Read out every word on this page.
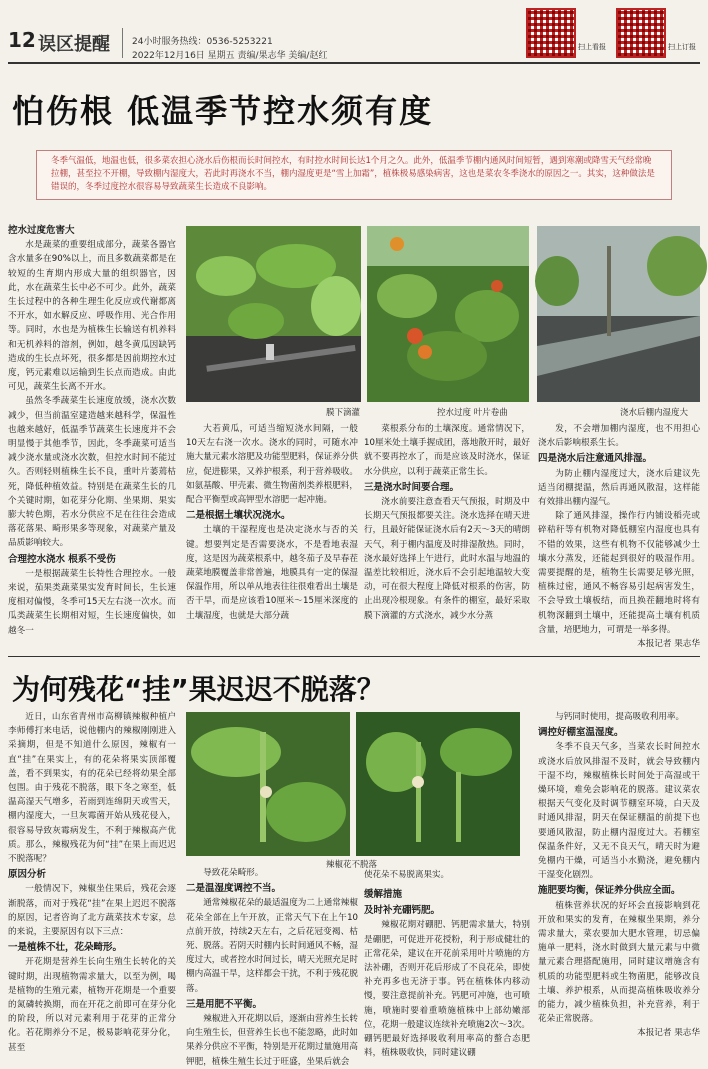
12 误区提醒 24小时服务热线：0536-5253221
2022年12月16日 星期五 责编/果志华 美编/赵红
扫上看报	扫上订报
怕伤根 低温季节控水须有度
冬季气温低，地温也低，很多菜农担心浇水后伤根而长时间控水，有时控水时间长达1个月之久。此外，低温季节棚内通风时间短暂，遇到寒潮或降雪天气经常晚拉棚，甚至拉不开棚，导致棚内湿度大，若此时再浇水不当，棚内湿度更是“雪上加霜”，植株极易感染病害，这也是菜农冬季浇水的原因之一。其实，这种做法是错误的，冬季过度控水很容易导致蔬菜生长造成不良影响。

控水过度危害大

水是蔬菜的重要组成部分，蔬菜各器官含水量多在90%以上，而且多数蔬菜都是在较短的生育期内形成大量的组织器官，因此，水在蔬菜生长中必不可少。此外，蔬菜生长过程中的各种生理生化反应或代谢都离不开水，如水解反应、呼吸作用、光合作用等。同时，水也是为植株生长输送有机养料和无机养料的溶剂，例如，越冬黄瓜因缺钙造成的生长点坏死，很多都是因前期控水过度，钙元素难以运输到生长点而造成。由此可见，蔬菜生长离不开水。

虽然冬季蔬菜生长速度放缓，浇水次数减少，但当前温室建造越来越科学，保温性也越来越好，低温季节蔬菜生长速度并不会明显慢于其他季节，因此，冬季蔬菜可适当减少浇水量或浇水次数，但控水时间不能过久。否则轻则植株生长不良，重叶片萎蔫枯死，降低种植效益。特别是在蔬菜生长的几个关键时期，如花芽分化期、坐果期、果实膨大转色期，若水分供应不足在往往会造成落花落果、畸形果多等现象，对蔬菜产量及品质影响较大。

合理控水浇水 根系不受伤

一是根据蔬菜生长特性合理控水。一般来说，茄果类蔬菜果实发育时间长，生长速度相对偏慢，冬季可15天左右浇一次水。而瓜类蔬菜生长期相对短，生长速度偏快，如越冬一

膜下滴灌	控水过度 叶片卷曲	浇水后棚内湿度大

大若黄瓜，可适当缩短浇水间隔，一般10天左右浇一次水。浇水的同时，可随水冲施大量元素水溶肥及功能型肥料，保证养分供应，促进膨果，又养护根系，利于营养吸收。如氨基酸、甲壳素、微生物菌剂类养根肥料，配合平衡型或高钾型水溶肥一起冲施。

二是根据土壤状况浇水。

土壤的干湿程度也是决定浇水与否的关键。想要判定是否需要浇水，不是看地表湿度，这是因为蔬菜根系中，越冬茄子及早春茬蔬菜地膜覆盖非常普遍，地膜具有一定的保湿保温作用，所以单从地表往往很难看出土壤是否干旱，而是应该看10厘米～15厘米深度的土壤湿度，也就是大部分蔬

菜根系分布的土壤深度。通常情况下，10厘米处土壤手握成团，落地散开时，最好就不要再控水了，而是应该及时浇水，保证水分供应，以利于蔬菜正常生长。

三是浇水时间要合理。

浇水前要注意查看天气预报，时期及中长期天气预报都要关注。浇水选择在晴天进行，且最好能保证浇水后有2天～3天的晴朗天气，利于棚内温度及时排湿散热。同时，浇水最好选择上午进行，此时水温与地温的温差比较相近，浇水后不会引起地温较大变动，可在很大程度上降低对根系的伤害，防止出现冷根现象。有条件的棚室，最好采取膜下滴灌的方式浇水，减少水分蒸

发，不会增加棚内湿度，也不用担心浇水后影响根系生长。

四是浇水后注意通风排湿。

为防止棚内湿度过大，浇水后建议先适当闭棚提温，然后再通风散湿，这样能有效排出棚内湿气。

除了通风排湿，操作行内铺设稻壳或碎秸秆等有机物对降低棚室内湿度也具有不错的效果，这些有机物不仅能够减少土壤水分蒸发，还能起到很好的吸湿作用。需要提醒的是，植物生长需要足够光照，植株过密，通风不畅容易引起病害发生，不会导致土壤板结，而且换茬翻地时将有机物深翻到土壤中，还能提高土壤有机质含量，培肥地力，可谓是一举多得。

本报记者 果志华

为何残花“挂”果迟迟不脱落？

近日，山东省青州市高柳镇辣椒种植户李师傅打来电话，说他棚内的辣椒刚刚进入采摘期，但是不知道什么原因，辣椒有一直“挂”在果实上，有的花朵将果实顶部覆盖，看不到果实，有的花朵已经将幼果全部包围。由于残花不脱落，眼下冬之寒至，低温高湿天气增多，若雨到连绵阴天或雪天，棚内湿度大，一旦灰霉菌开始从残花侵入，很容易导致灰霉病发生，不利于辣椒高产优质。那么，辣椒残花为何“挂”在果上而迟迟不脱落呢？

原因分析

一般情况下，辣椒坐住果后，残花会逐渐脱落，而对于残花“挂”在果上迟迟不脱落的原因，记者咨询了北方蔬菜技术专家，总的来说，主要原因有以下三点：

一是植株不壮，花朵畸形。

开花期是营养生长向生殖生长转化的关键时期，出现植物需求量大，以至为例，喝是植物的生殖元素，植物开花期是一个重要的氮磷转换期，而在开花之前即可在芽分化的阶段，所以对元素利用于花芽的正常分化。若花期养分不足，极易影响花芽分化，甚至

辣椒花不脱落
使花朵不易脱离果实。

导致花朵畸形。

二是温湿度调控不当。

通常辣椒花朵的最适温度为二上通常辣椒花朵全部在上午开放，正常天气下在上午10点前开放，持续2天左右，之后花冠变褐、枯死、脱落。若阴天时棚内长时间通风不畅，湿度过大，或者控水时间过长，晴天光照充足时棚内高温干旱，这样都会干扰，不利于残花脱落。

三是用肥不平衡。

辣椒进入开花期以后，逐渐由营养生长转向生殖生长，但营养生长也不能忽略，此时如果养分供应不平衡，特别是开花期过量施用高钾肥，植株生殖生长过于旺盛，坐果后就会

缓解措施

及时补充硼钙肥。

辣椒花期对硼肥、钙肥需求量大，特别是硼肥，可促进开花授粉，利于形成健壮的正常花朵，建议在开花前采用叶片喷施的方法补硼，否则开花后形成了不良花朵，即使补充再多也无济于事。钙在植株体内移动慢，要注意提前补充。钙肥可冲施，也可喷施，喷施时要着重喷施植株中上部幼嫩部位，花期一般建议连续补充喷施2次～3次。硼钙肥最好选择吸收利用率高的螯合态肥料，植株吸收快，同时建议硼

与钙同时使用，提高吸收利用率。

调控好棚室温湿度。

冬季不良天气多，当菜农长时间控水或浇水后放风排湿不及时，就会导致棚内干湿不均，辣椒植株长时间处于高湿或干燥环境，难免会影响花的脱落。建议菜农根据天气变化及时调节棚室环境，白天及时通风排湿，阴天在保证棚温的前提下也要通风散湿，防止棚内湿度过大。若棚室保温条件好，又无不良天气，晴天时为避免棚内干燥，可适当小水勤浇，避免棚内干湿变化剧烈。

施肥要均衡，保证养分供应全面。

植株营养状况的好坏会直接影响到花开放和果实的发育，在辣椒坐果期，养分需求量大，菜农要加大肥水管理，切忌偏施单一肥料，浇水时做到大量元素与中微量元素合理搭配施用，同时建议增施含有机质的功能型肥料或生物菌肥，能够改良土壤、养护根系，从而提高植株吸收养分的能力，减少植株负担，补充营养，利于花朵正常脱落。

本报记者 果志华
